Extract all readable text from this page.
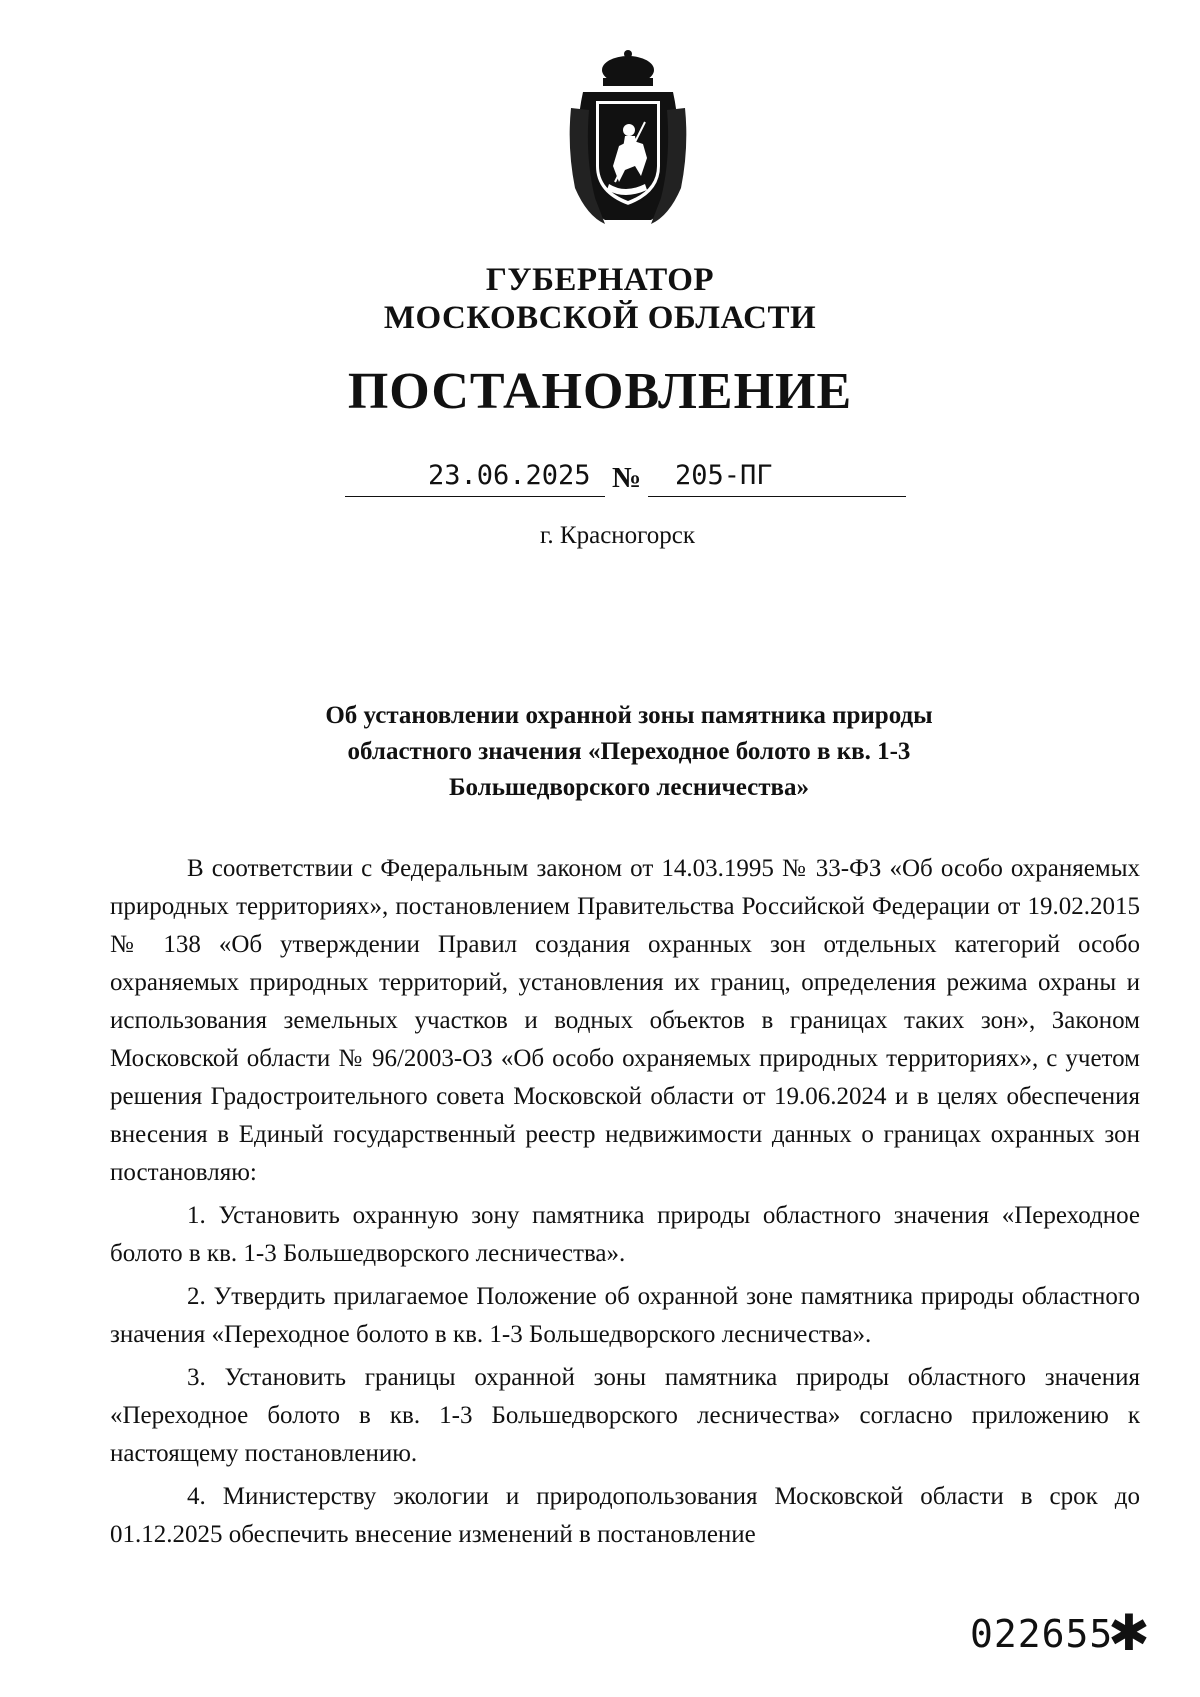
ГУБЕРНАТОР
МОСКОВСКОЙ ОБЛАСТИ
ПОСТАНОВЛЕНИЕ
23.06.2025 № 205-ПГ
г. Красногорск
Об установлении охранной зоны памятника природы
областного значения «Переходное болото в кв. 1-3
Большедворского лесничества»

В соответствии с Федеральным законом от 14.03.1995 № 33-ФЗ «Об особо охраняемых природных территориях», постановлением Правительства Российской Федерации от 19.02.2015 № 138 «Об утверждении Правил создания охранных зон отдельных категорий особо охраняемых природных территорий, установления их границ, определения режима охраны и использования земельных участков и водных объектов в границах таких зон», Законом Московской области № 96/2003-ОЗ «Об особо охраняемых природных территориях», с учетом решения Градостроительного совета Московской области от 19.06.2024 и в целях обеспечения внесения в Единый государственный реестр недвижимости данных о границах охранных зон постановляю:

1. Установить охранную зону памятника природы областного значения «Переходное болото в кв. 1-3 Большедворского лесничества».

2. Утвердить прилагаемое Положение об охранной зоне памятника природы областного значения «Переходное болото в кв. 1-3 Большедворского лесничества».

3. Установить границы охранной зоны памятника природы областного значения «Переходное болото в кв. 1-3 Большедворского лесничества» согласно приложению к настоящему постановлению.

4. Министерству экологии и природопользования Московской области в срок до 01.12.2025 обеспечить внесение изменений в постановление

022655
✱
